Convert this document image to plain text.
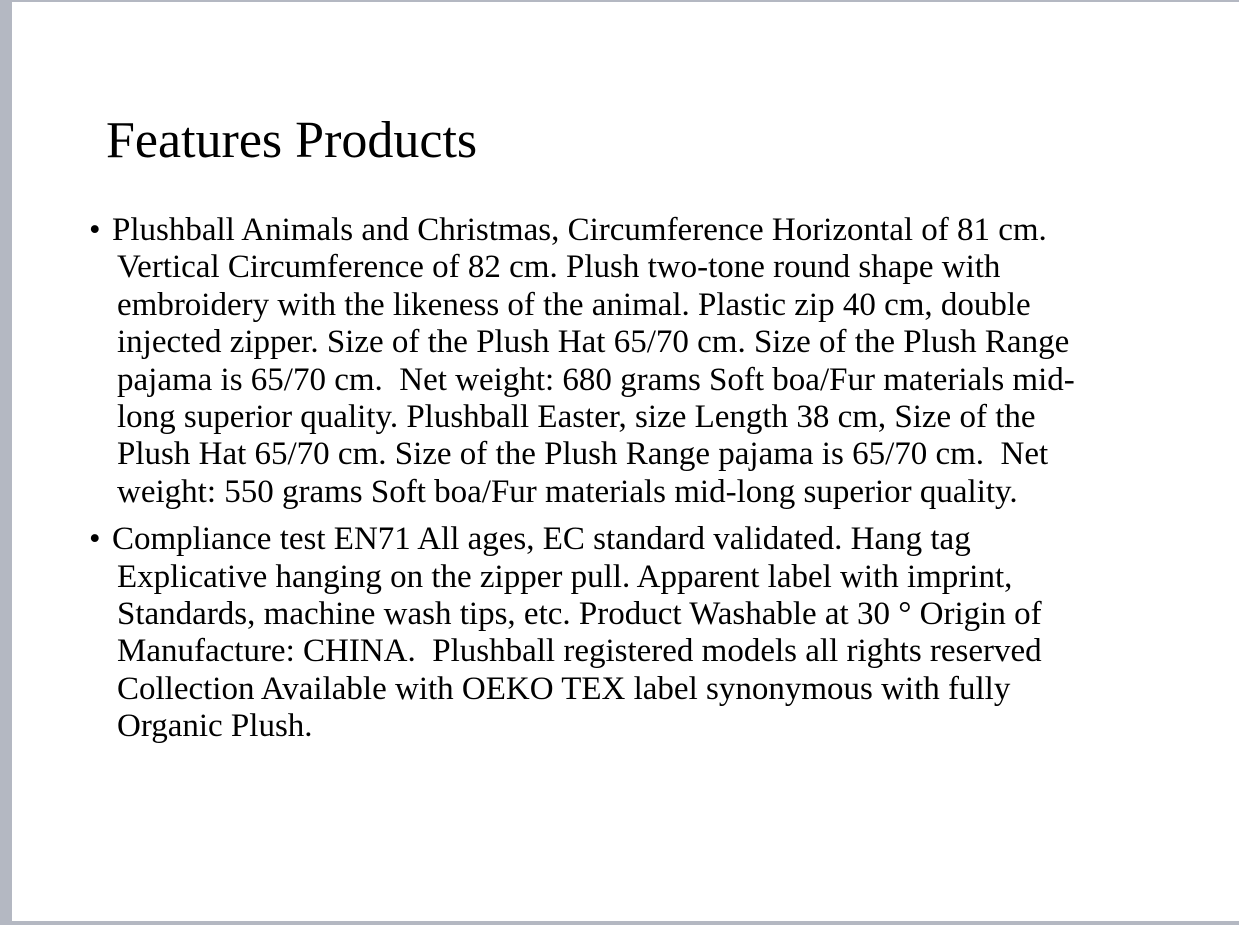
Features Products
• Plushball Animals and Christmas, Circumference Horizontal of 81 cm.
Vertical Circumference of 82 cm. Plush two-tone round shape with
embroidery with the likeness of the animal. Plastic zip 40 cm, double
injected zipper. Size of the Plush Hat 65/70 cm. Size of the Plush Range
pajama is 65/70 cm.  Net weight: 680 grams Soft boa/Fur materials mid-
long superior quality. Plushball Easter, size Length 38 cm, Size of the
Plush Hat 65/70 cm. Size of the Plush Range pajama is 65/70 cm.  Net
weight: 550 grams Soft boa/Fur materials mid-long superior quality.
• Compliance test EN71 All ages, EC standard validated. Hang tag
Explicative hanging on the zipper pull. Apparent label with imprint,
Standards, machine wash tips, etc. Product Washable at 30 ° Origin of
Manufacture: CHINA.  Plushball registered models all rights reserved
Collection Available with OEKO TEX label synonymous with fully
Organic Plush.
